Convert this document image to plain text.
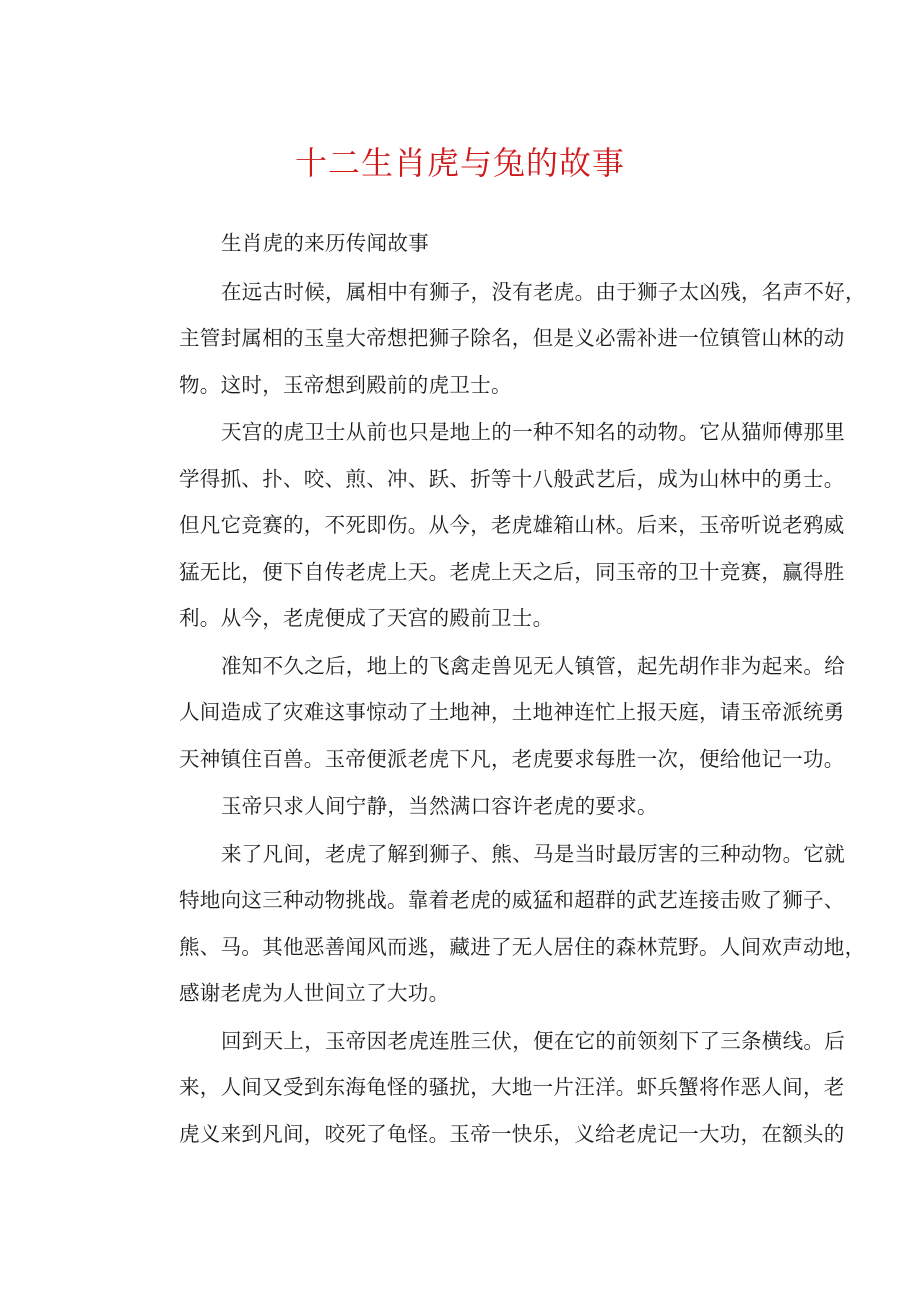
十二生肖虎与兔的故事
生肖虎的来历传闻故事
在远古时候，属相中有狮子，没有老虎。由于狮子太凶残，名声不好，
主管封属相的玉皇大帝想把狮子除名，但是义必需补进一位镇管山林的动
物。这时，玉帝想到殿前的虎卫士。
天宫的虎卫士从前也只是地上的一种不知名的动物。它从猫师傅那里
学得抓、扑、咬、煎、冲、跃、折等十八般武艺后，成为山林中的勇士。
但凡它竞赛的，不死即伤。从今，老虎雄箱山林。后来，玉帝听说老鸦威
猛无比，便下自传老虎上天。老虎上天之后，同玉帝的卫十竞赛，赢得胜
利。从今，老虎便成了天宫的殿前卫士。
准知不久之后，地上的飞禽走兽见无人镇管，起先胡作非为起来。给
人间造成了灾难这事惊动了土地神，土地神连忙上报天庭，请玉帝派统勇
天神镇住百兽。玉帝便派老虎下凡，老虎要求每胜一次，便给他记一功。
玉帝只求人间宁静，当然满口容许老虎的要求。
来了凡间，老虎了解到狮子、熊、马是当时最厉害的三种动物。它就
特地向这三种动物挑战。靠着老虎的威猛和超群的武艺连接击败了狮子、
熊、马。其他恶善闻风而逃，藏进了无人居住的森林荒野。人间欢声动地，
感谢老虎为人世间立了大功。
回到天上，玉帝因老虎连胜三伏，便在它的前领刻下了三条横线。后
来，人间又受到东海龟怪的骚扰，大地一片汪洋。虾兵蟹将作恶人间，老
虎义来到凡间，咬死了龟怪。玉帝一快乐，义给老虎记一大功，在额头的
